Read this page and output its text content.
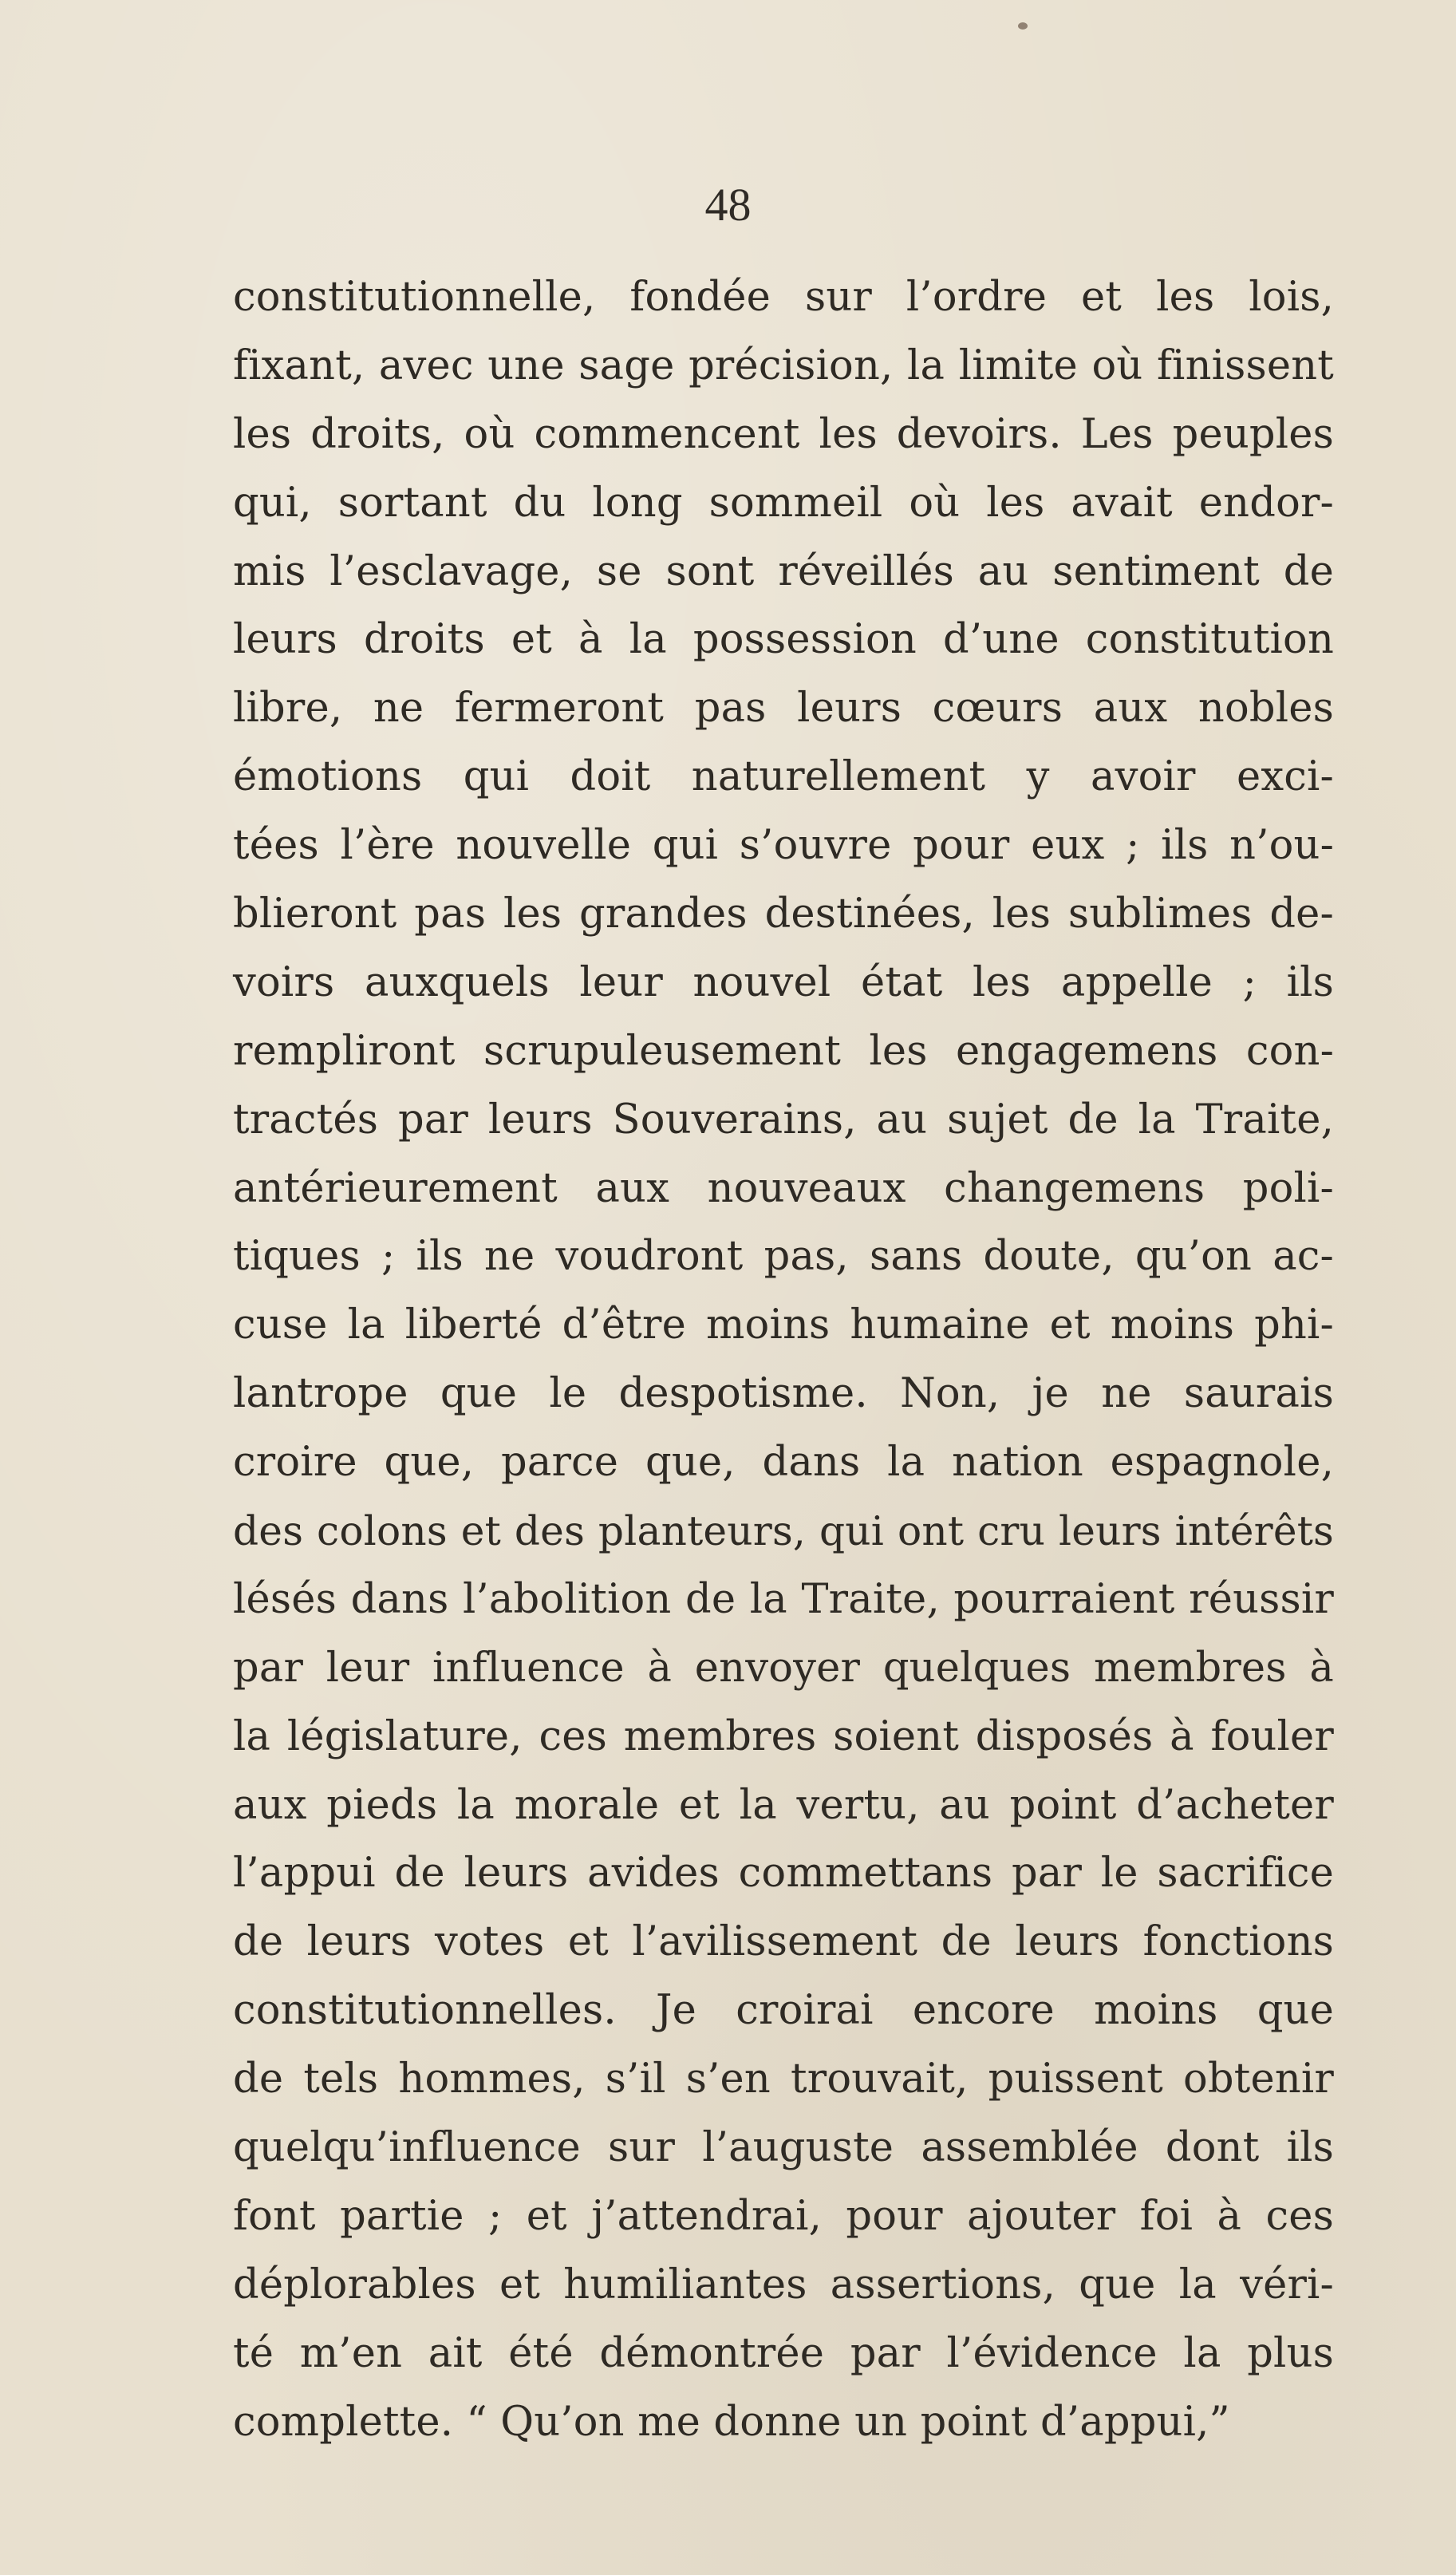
48
constitutionnelle, fondée sur l’ordre et les lois,
fixant, avec une sage précision, la limite où finissent
les droits, où commencent les devoirs. Les peuples
qui, sortant du long sommeil où les avait endor-
mis l’esclavage, se sont réveillés au sentiment de
leurs droits et à la possession d’une constitution
libre, ne fermeront pas leurs cœurs aux nobles
émotions qui doit naturellement y avoir exci-
tées l’ère nouvelle qui s’ouvre pour eux ; ils n’ou-
blieront pas les grandes destinées, les sublimes de-
voirs auxquels leur nouvel état les appelle ; ils
rempliront scrupuleusement les engagemens con-
tractés par leurs Souverains, au sujet de la Traite,
antérieurement aux nouveaux changemens poli-
tiques ; ils ne voudront pas, sans doute, qu’on ac-
cuse la liberté d’être moins humaine et moins phi-
lantrope que le despotisme. Non, je ne saurais
croire que, parce que, dans la nation espagnole,
des colons et des planteurs, qui ont cru leurs intérêts
lésés dans l’abolition de la Traite, pourraient réussir
par leur influence à envoyer quelques membres à
la législature, ces membres soient disposés à fouler
aux pieds la morale et la vertu, au point d’acheter
l’appui de leurs avides commettans par le sacrifice
de leurs votes et l’avilissement de leurs fonctions
constitutionnelles. Je croirai encore moins que
de tels hommes, s’il s’en trouvait, puissent obtenir
quelqu’influence sur l’auguste assemblée dont ils
font partie ; et j’attendrai, pour ajouter foi à ces
déplorables et humiliantes assertions, que la véri-
té m’en ait été démontrée par l’évidence la plus
complette. “ Qu’on me donne un point d’appui,”
